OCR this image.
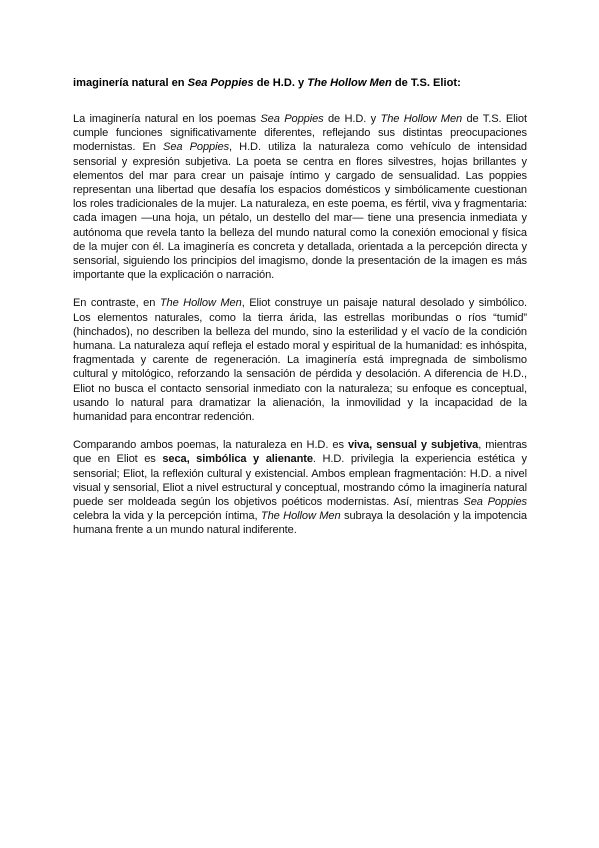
imaginería natural en Sea Poppies de H.D. y The Hollow Men de T.S. Eliot:

La imaginería natural en los poemas Sea Poppies de H.D. y The Hollow Men de T.S. Eliot cumple funciones significativamente diferentes, reflejando sus distintas preocupaciones modernistas. En Sea Poppies, H.D. utiliza la naturaleza como vehículo de intensidad sensorial y expresión subjetiva. La poeta se centra en flores silvestres, hojas brillantes y elementos del mar para crear un paisaje íntimo y cargado de sensualidad. Las poppies representan una libertad que desafía los espacios domésticos y simbólicamente cuestionan los roles tradicionales de la mujer. La naturaleza, en este poema, es fértil, viva y fragmentaria: cada imagen —una hoja, un pétalo, un destello del mar— tiene una presencia inmediata y autónoma que revela tanto la belleza del mundo natural como la conexión emocional y física de la mujer con él. La imaginería es concreta y detallada, orientada a la percepción directa y sensorial, siguiendo los principios del imagismo, donde la presentación de la imagen es más importante que la explicación o narración.

En contraste, en The Hollow Men, Eliot construye un paisaje natural desolado y simbólico. Los elementos naturales, como la tierra árida, las estrellas moribundas o ríos “tumid” (hinchados), no describen la belleza del mundo, sino la esterilidad y el vacío de la condición humana. La naturaleza aquí refleja el estado moral y espiritual de la humanidad: es inhóspita, fragmentada y carente de regeneración. La imaginería está impregnada de simbolismo cultural y mitológico, reforzando la sensación de pérdida y desolación. A diferencia de H.D., Eliot no busca el contacto sensorial inmediato con la naturaleza; su enfoque es conceptual, usando lo natural para dramatizar la alienación, la inmovilidad y la incapacidad de la humanidad para encontrar redención.

Comparando ambos poemas, la naturaleza en H.D. es viva, sensual y subjetiva, mientras que en Eliot es seca, simbólica y alienante. H.D. privilegia la experiencia estética y sensorial; Eliot, la reflexión cultural y existencial. Ambos emplean fragmentación: H.D. a nivel visual y sensorial, Eliot a nivel estructural y conceptual, mostrando cómo la imaginería natural puede ser moldeada según los objetivos poéticos modernistas. Así, mientras Sea Poppies celebra la vida y la percepción íntima, The Hollow Men subraya la desolación y la impotencia humana frente a un mundo natural indiferente.
